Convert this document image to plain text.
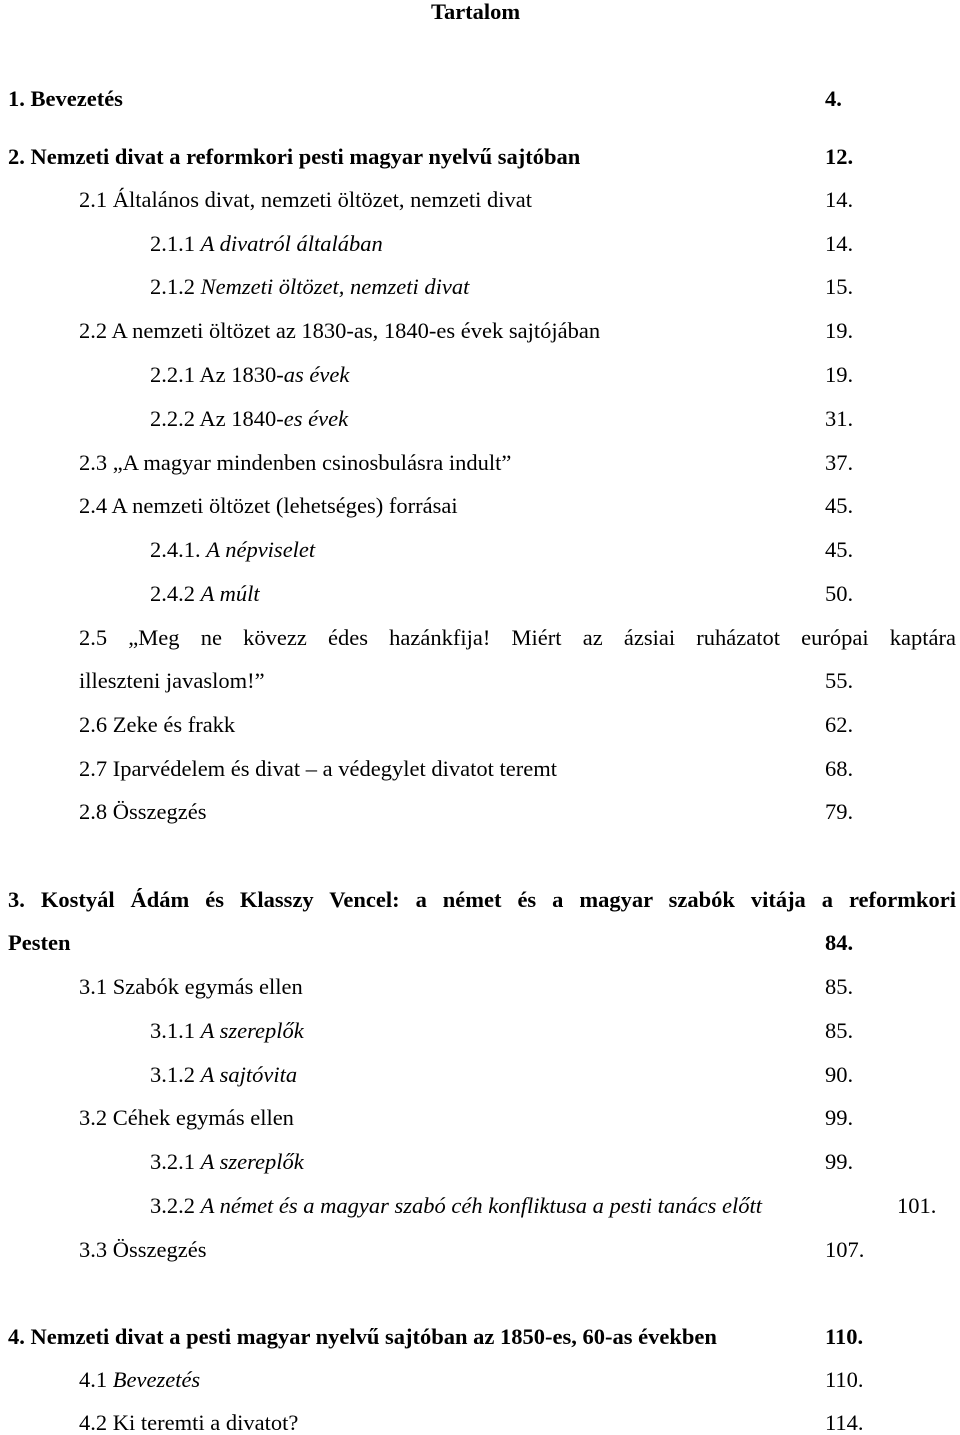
Tartalom
1. Bevezetés	4.
2. Nemzeti divat a reformkori pesti magyar nyelvű sajtóban	12.
2.1 Általános divat, nemzeti öltözet, nemzeti divat	14.
2.1.1 A divatról általában	14.
2.1.2 Nemzeti öltözet, nemzeti divat	15.
2.2 A nemzeti öltözet az 1830-as, 1840-es évek sajtójában	19.
2.2.1 Az 1830-as évek	19.
2.2.2 Az 1840-es évek	31.
2.3 „A magyar mindenben csinosbulásra indult”	37.
2.4 A nemzeti öltözet (lehetséges) forrásai	45.
2.4.1. A népviselet	45.
2.4.2 A múlt	50.
2.5 „Meg ne kövezz édes hazánkfija! Miért az ázsiai ruházatot európai kaptára
illeszteni javaslom!”	55.
2.6 Zeke és frakk	62.
2.7 Iparvédelem és divat – a védegylet divatot teremt	68.
2.8 Összegzés	79.
3. Kostyál Ádám és Klasszy Vencel: a német és a magyar szabók vitája a reformkori
Pesten	84.
3.1 Szabók egymás ellen	85.
3.1.1 A szereplők	85.
3.1.2 A sajtóvita	90.
3.2 Céhek egymás ellen	99.
3.2.1 A szereplők	99.
3.2.2 A német és a magyar szabó céh konfliktusa a pesti tanács előtt	101.
3.3 Összegzés	107.
4. Nemzeti divat a pesti magyar nyelvű sajtóban az 1850-es, 60-as években	110.
4.1 Bevezetés	110.
4.2 Ki teremti a divatot?	114.
